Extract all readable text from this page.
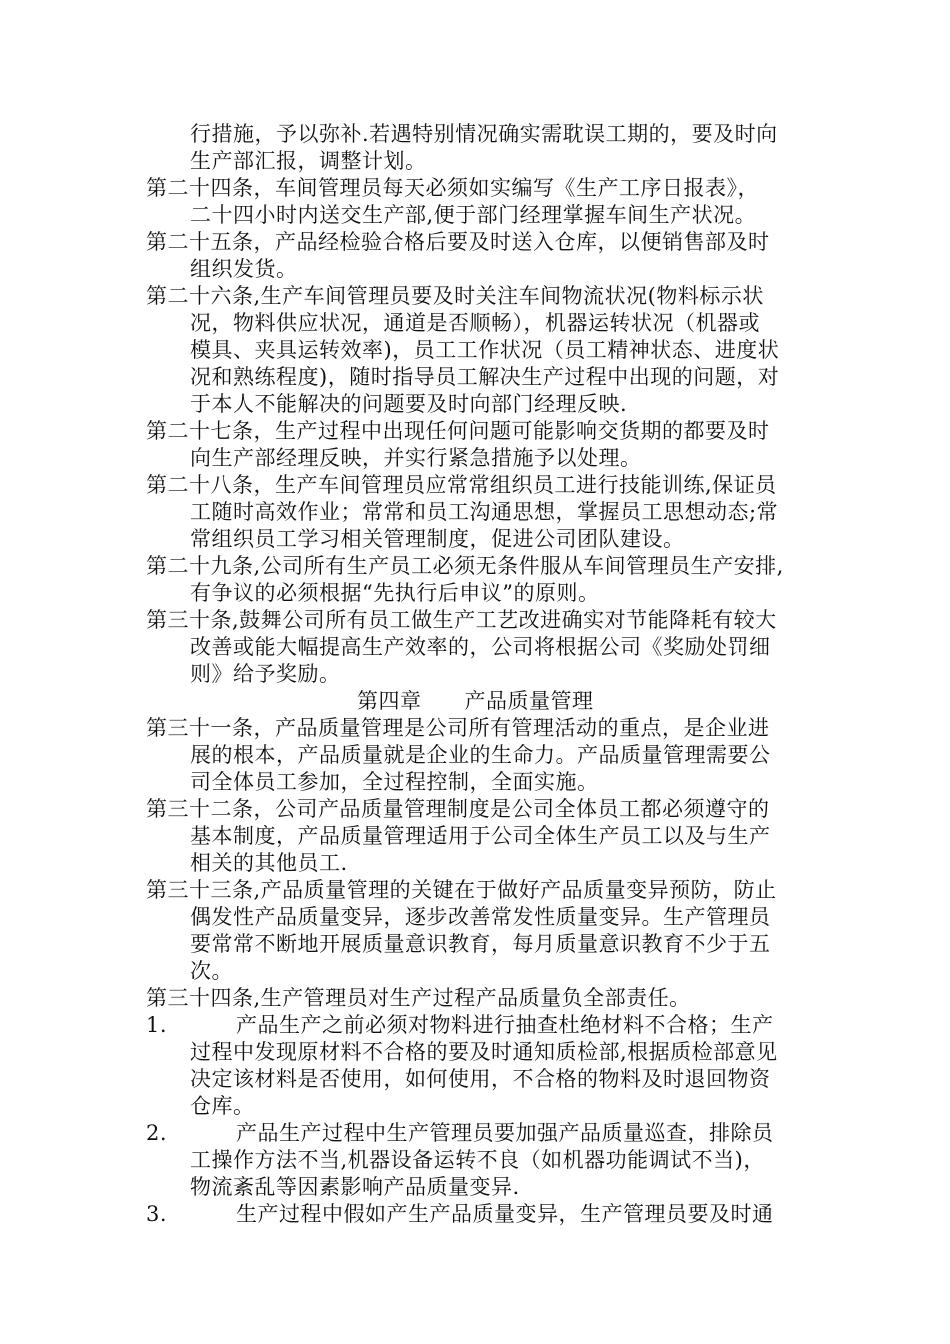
行措施，予以弥补.若遇特别情况确实需耽误工期的，要及时向
生产部汇报，调整计划。
第二十四条，车间管理员每天必须如实编写《生产工序日报表》，
二十四小时内送交生产部,便于部门经理掌握车间生产状况。
第二十五条，产品经检验合格后要及时送入仓库，以便销售部及时
组织发货。
第二十六条,生产车间管理员要及时关注车间物流状况(物料标示状
况，物料供应状况，通道是否顺畅），机器运转状况（机器或
模具、夹具运转效率)，员工工作状况（员工精神状态、进度状
况和熟练程度)，随时指导员工解决生产过程中出现的问题，对
于本人不能解决的问题要及时向部门经理反映.
第二十七条，生产过程中出现任何问题可能影响交货期的都要及时
向生产部经理反映，并实行紧急措施予以处理。
第二十八条，生产车间管理员应常常组织员工进行技能训练,保证员
工随时高效作业；常常和员工沟通思想，掌握员工思想动态;常
常组织员工学习相关管理制度，促进公司团队建设。
第二十九条,公司所有生产员工必须无条件服从车间管理员生产安排,
有争议的必须根据“先执行后申议”的原则。
第三十条,鼓舞公司所有员工做生产工艺改进确实对节能降耗有较大
改善或能大幅提高生产效率的，公司将根据公司《奖励处罚细
则》给予奖励。
第四章　　产品质量管理
第三十一条，产品质量管理是公司所有管理活动的重点，是企业进
展的根本，产品质量就是企业的生命力。产品质量管理需要公
司全体员工参加，全过程控制，全面实施。
第三十二条，公司产品质量管理制度是公司全体员工都必须遵守的
基本制度，产品质量管理适用于公司全体生产员工以及与生产
相关的其他员工.
第三十三条,产品质量管理的关键在于做好产品质量变异预防，防止
偶发性产品质量变异，逐步改善常发性质量变异。生产管理员
要常常不断地开展质量意识教育，每月质量意识教育不少于五
次。
第三十四条,生产管理员对生产过程产品质量负全部责任。
1.	产品生产之前必须对物料进行抽查杜绝材料不合格；生产
过程中发现原材料不合格的要及时通知质检部,根据质检部意见
决定该材料是否使用，如何使用，不合格的物料及时退回物资
仓库。
2.	产品生产过程中生产管理员要加强产品质量巡查，排除员
工操作方法不当,机器设备运转不良（如机器功能调试不当)，
物流紊乱等因素影响产品质量变异.
3.	生产过程中假如产生产品质量变异，生产管理员要及时通
